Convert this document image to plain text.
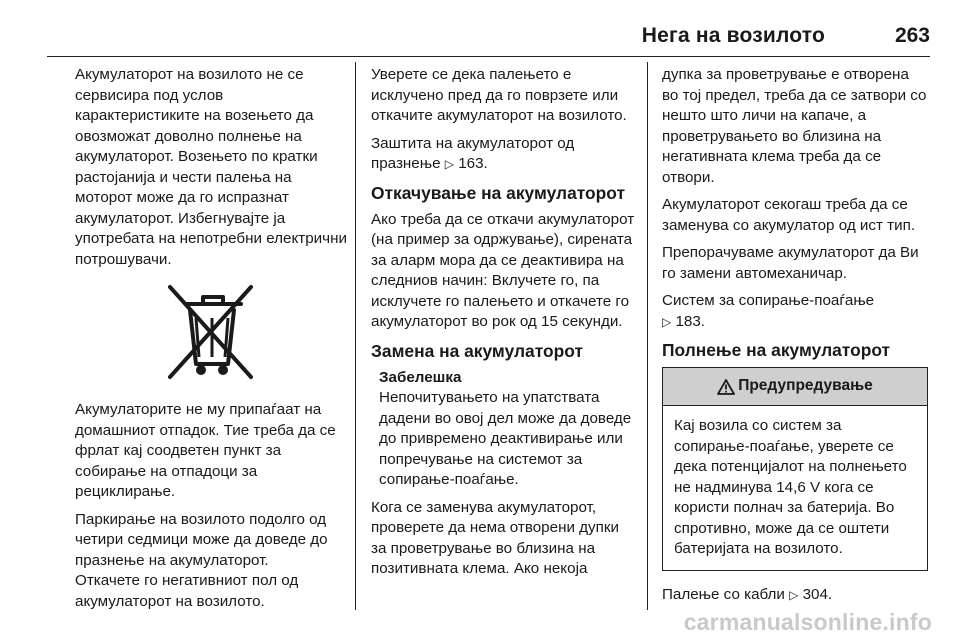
Нега на возилото	263

Акумулаторот на возилото не се сервисира под услов карактеристиките на возењето да овозможат доволно полнење на акумулаторот. Возењето по кратки растојанија и чести палења на моторот може да го испразнат акумулаторот. Избегнувајте ја употребата на непотребни електрични потрошувачи.

Акумулаторите не му припаѓаат на домашниот отпадок. Тие треба да се фрлат кај соодветен пункт за собирање на отпадоци за рециклирање.

Паркирање на возилото подолго од четири седмици може да доведе до празнење на акумулаторот.

Откачете го негативниот пол од акумулаторот на возилото.

Уверете се дека палењето е исклучено пред да го поврзете или откачите акумулаторот на возилото.

Заштита на акумулаторот од празнење ▷ 163.

Откачување на акумулаторот

Ако треба да се откачи акумулаторот (на пример за одржување), сирената за аларм мора да се деактивира на следниов начин: Вклучете го, па исклучете го палењето и откачете го акумулаторот во рок од 15 секунди.

Замена на акумулаторот
Забелешка

Непочитувањето на упатствата дадени во овој дел може да доведе до привремено деактивирање или попречување на системот за сопирање-поаѓање.

Кога се заменува акумулаторот, проверете да нема отворени дупки за проветрување во близина на позитивната клема. Ако некоја

дупка за проветрување е отворена во тој предел, треба да се затвори со нешто што личи на капаче, а проветрувањето во близина на негативната клема треба да се отвори.

Акумулаторот секогаш треба да се заменува со акумулатор од ист тип.

Препорачуваме акумулаторот да Ви го замени автомеханичар.

Систем за сопирање-поаѓање
▷ 183.

Полнење на акумулаторот
Предупредување

Кај возила со систем за сопирање-поаѓање, уверете се дека потенцијалот на полнењето не надминува 14,6 V кога се користи полнач за батерија. Во спротивно, може да се оштети батеријата на возилото.

Палење со кабли ▷ 304.

carmanualsonline.info
